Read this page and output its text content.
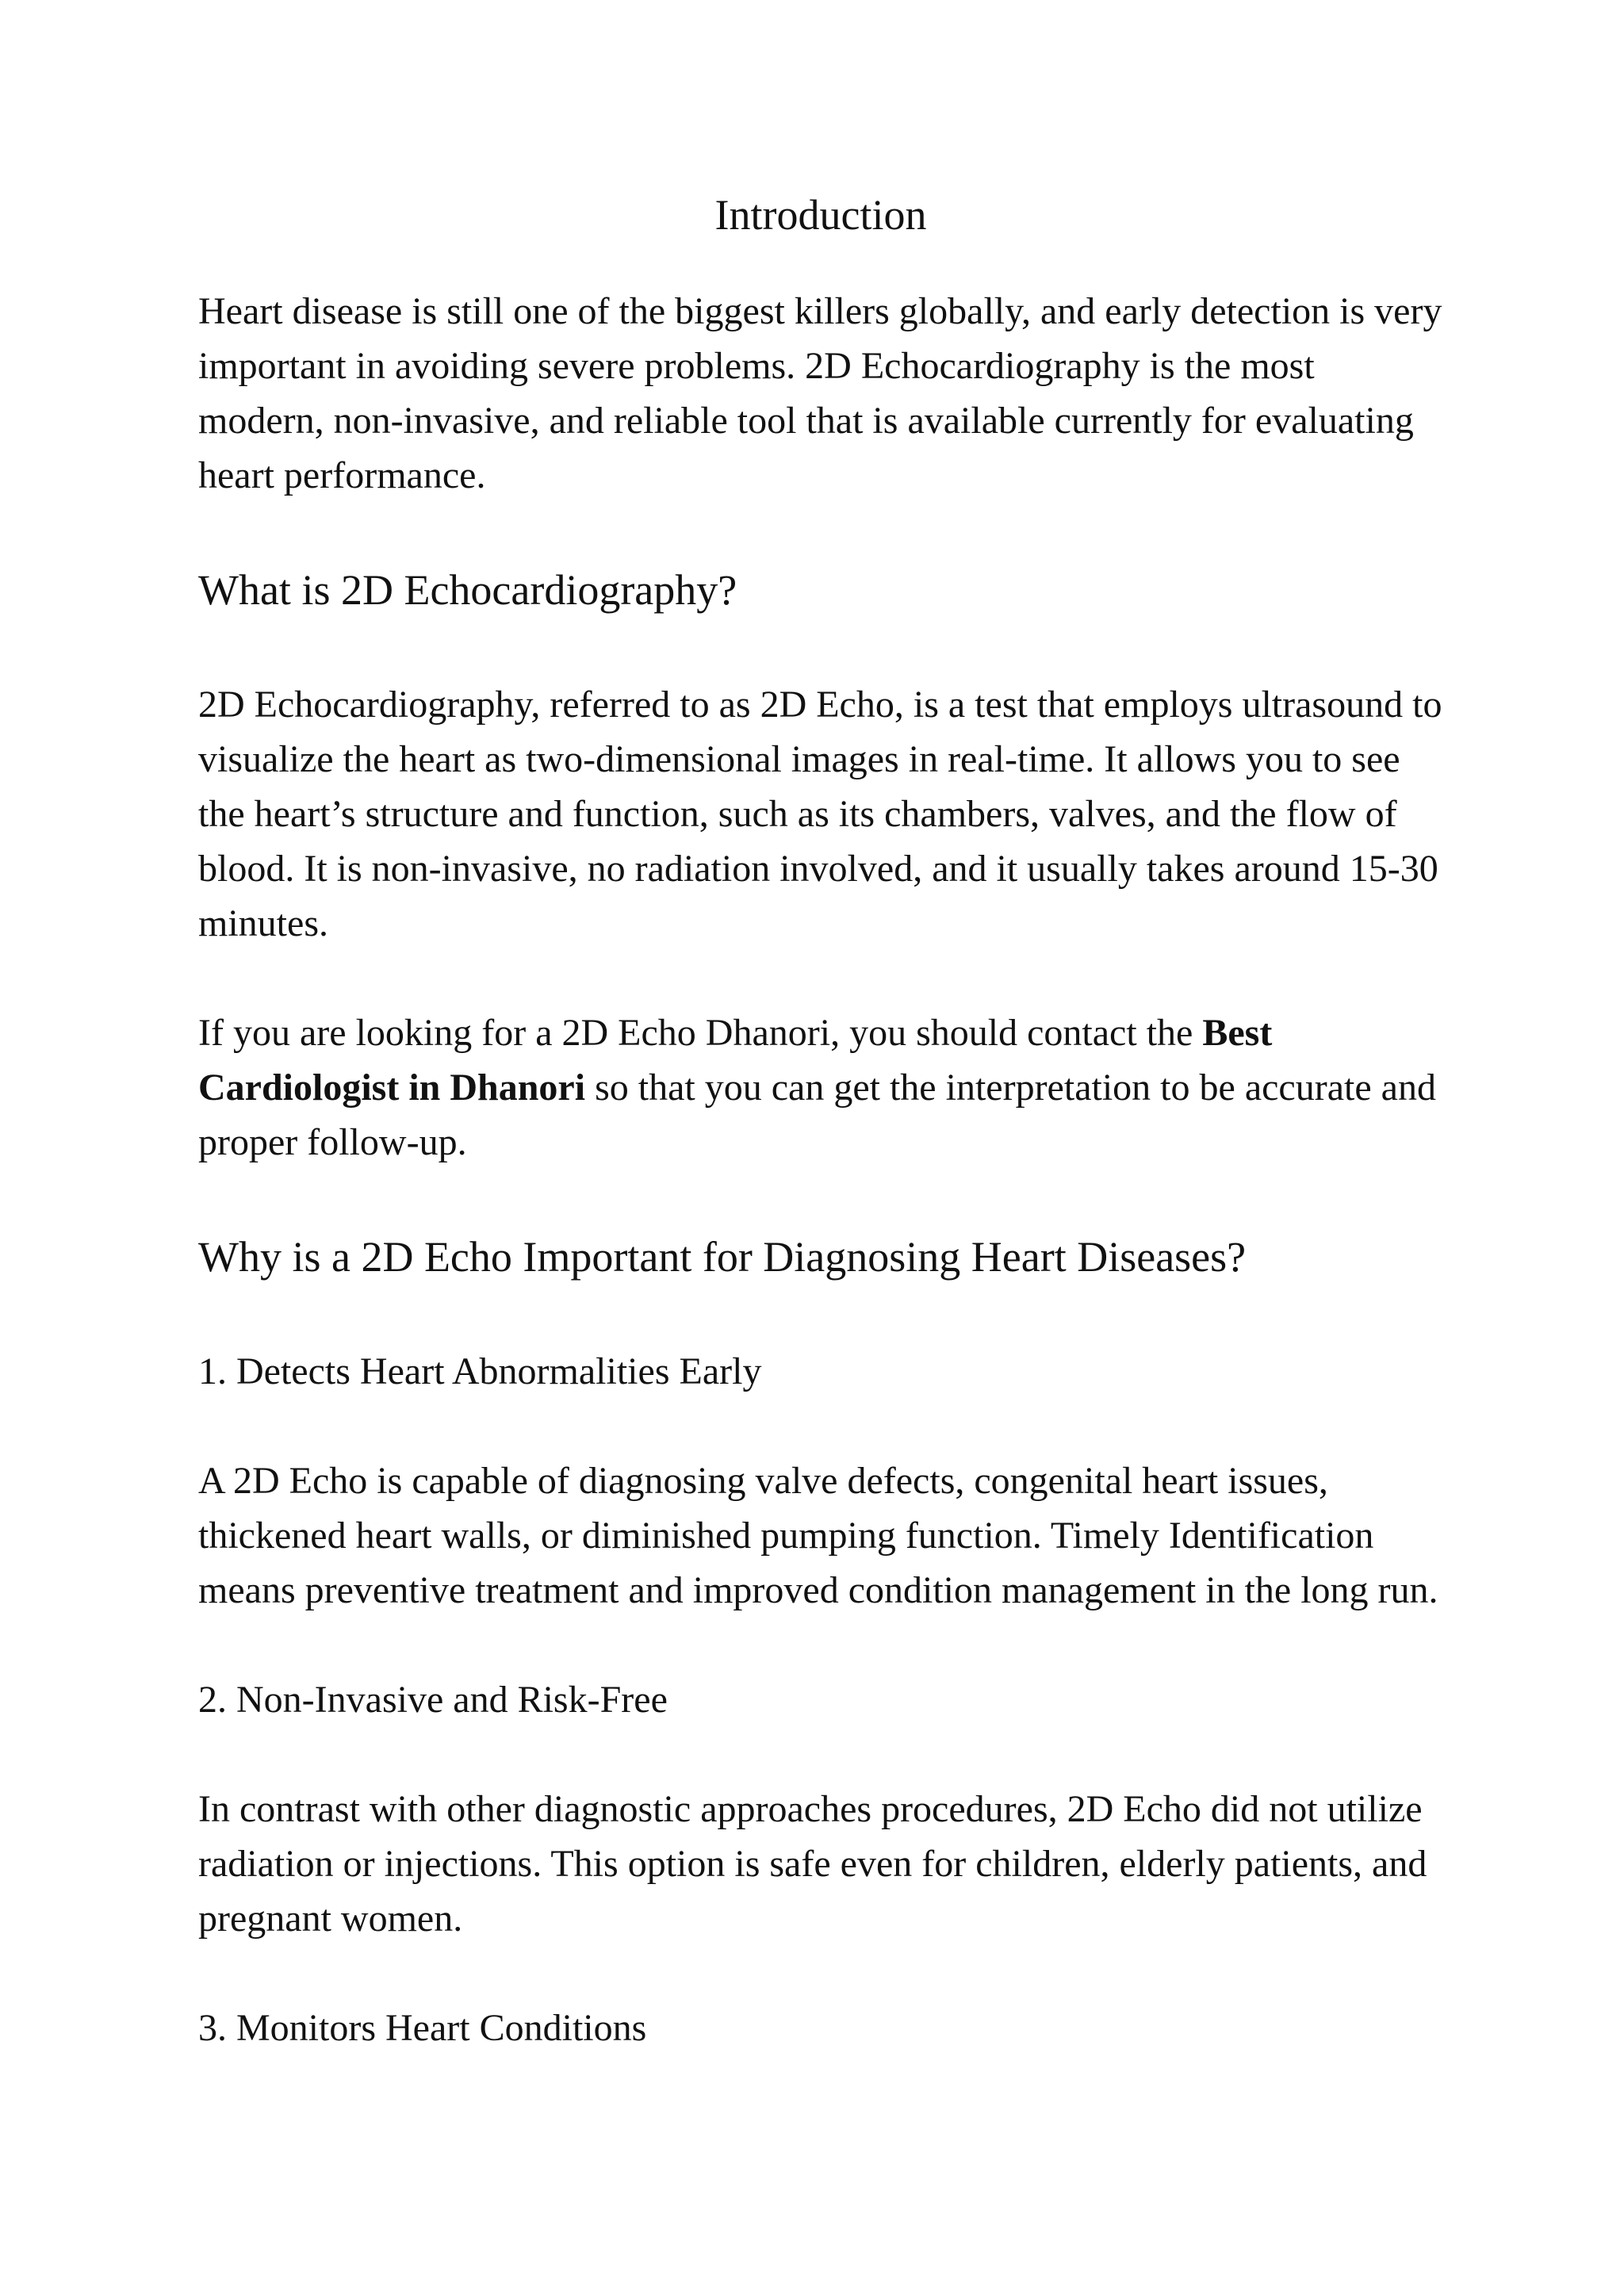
Introduction

Heart disease is still one of the biggest killers globally, and early detection is very important in avoiding severe problems. 2D Echocardiography is the most modern, non-invasive, and reliable tool that is available currently for evaluating heart performance.

What is 2D Echocardiography?

2D Echocardiography, referred to as 2D Echo, is a test that employs ultrasound to visualize the heart as two-dimensional images in real-time. It allows you to see the heart’s structure and function, such as its chambers, valves, and the flow of blood. It is non-invasive, no radiation involved, and it usually takes around 15-30 minutes.

If you are looking for a 2D Echo Dhanori, you should contact the Best Cardiologist in Dhanori so that you can get the interpretation to be accurate and proper follow-up.

Why is a 2D Echo Important for Diagnosing Heart Diseases?

1. Detects Heart Abnormalities Early

A 2D Echo is capable of diagnosing valve defects, congenital heart issues, thickened heart walls, or diminished pumping function. Timely Identification means preventive treatment and improved condition management in the long run.

2. Non-Invasive and Risk-Free

In contrast with other diagnostic approaches procedures, 2D Echo did not utilize radiation or injections. This option is safe even for children, elderly patients, and pregnant women.

3. Monitors Heart Conditions
